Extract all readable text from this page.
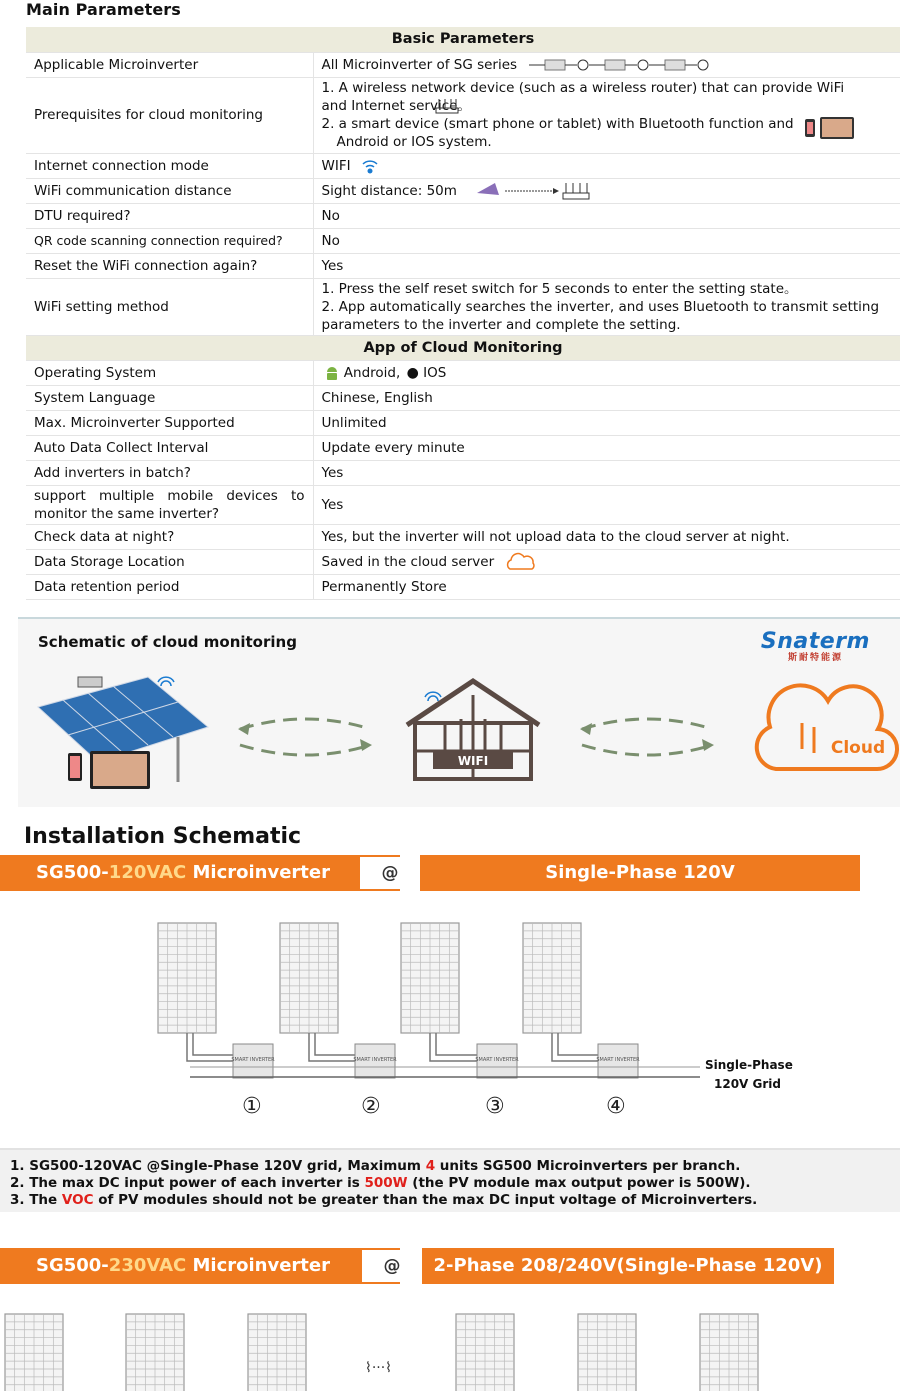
Main Parameters
Basic Parameters	
Applicable Microinverter	All Microinverter of SG series
Prerequisites for cloud monitoring	1. A wireless network device (such as a wireless router) that can provide WiFi and Internet service。
2. a smart device (smart phone or tablet) with Bluetooth function and
Android or IOS system.

Internet connection mode	WIFI
WiFi communication distance	Sight distance: 50m
DTU required?	No
QR code scanning connection required?	No
Reset the WiFi connection again?	Yes
WiFi setting method	1. Press the self reset switch for 5 seconds to enter the setting state。
2. App automatically searches the inverter, and uses Bluetooth to transmit setting parameters to the inverter and complete the setting.

App of Cloud Monitoring	
Operating System	Android, ● IOS
System Language	Chinese, English
Max. Microinverter Supported	Unlimited
Auto Data Collect Interval	Update every minute
Add inverters in batch?	Yes
support multiple mobile devices to monitor the same inverter?	Yes
Check data at night?	Yes, but the inverter will not upload data to the cloud server at night.
Data Storage Location	Saved in the cloud server
Data retention period	Permanently Store
Schematic of cloud monitoring	Snaterm
斯耐特能源
WIFI
Cloud
Installation Schematic
SG500-120VAC Microinverter	@	Single-Phase 120V
SMART INVERTER	SMART INVERTER	SMART INVERTER	SMART INVERTER
①	②	③	④
Single-Phase
120V Grid
1. SG500-120VAC @Single-Phase 120V grid, Maximum 4 units SG500 Microinverters per branch.
2. The max DC input power of each inverter is 500W (the PV module max output power is 500W).
3. The VOC of PV modules should not be greater than the max DC input voltage of Microinverters.
SG500-230VAC Microinverter	@	2-Phase 208/240V(Single-Phase 120V)
⌇···⌇
